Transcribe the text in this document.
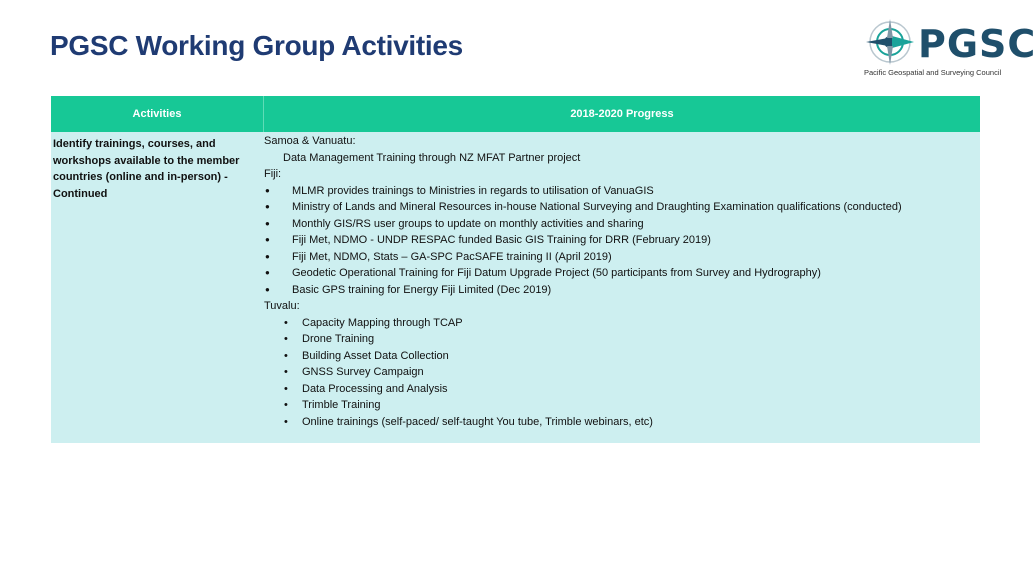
PGSC Working Group Activities	PGSC
Pacific Geospatial and Surveying Council
Activities	2018-2020 Progress
Identify trainings, courses, and workshops available to the member countries (online and in-person) - Continued
Samoa & Vanuatu:
Data Management Training through NZ MFAT Partner project
Fiji:
● MLMR provides trainings to Ministries in regards to utilisation of VanuaGIS
● Ministry of Lands and Mineral Resources in-house National Surveying and Draughting Examination qualifications (conducted)
● Monthly GIS/RS user groups to update on monthly activities and sharing
● Fiji Met, NDMO - UNDP RESPAC funded Basic GIS Training for DRR (February 2019)
● Fiji Met, NDMO, Stats – GA-SPC PacSAFE training II (April 2019)
● Geodetic Operational Training for Fiji Datum Upgrade Project (50 participants from Survey and Hydrography)
● Basic GPS training for Energy Fiji Limited (Dec 2019)
Tuvalu:
• Capacity Mapping through TCAP
• Drone Training
• Building Asset Data Collection
• GNSS Survey Campaign
• Data Processing and Analysis
• Trimble Training
• Online trainings (self-paced/ self-taught You tube, Trimble webinars, etc)
